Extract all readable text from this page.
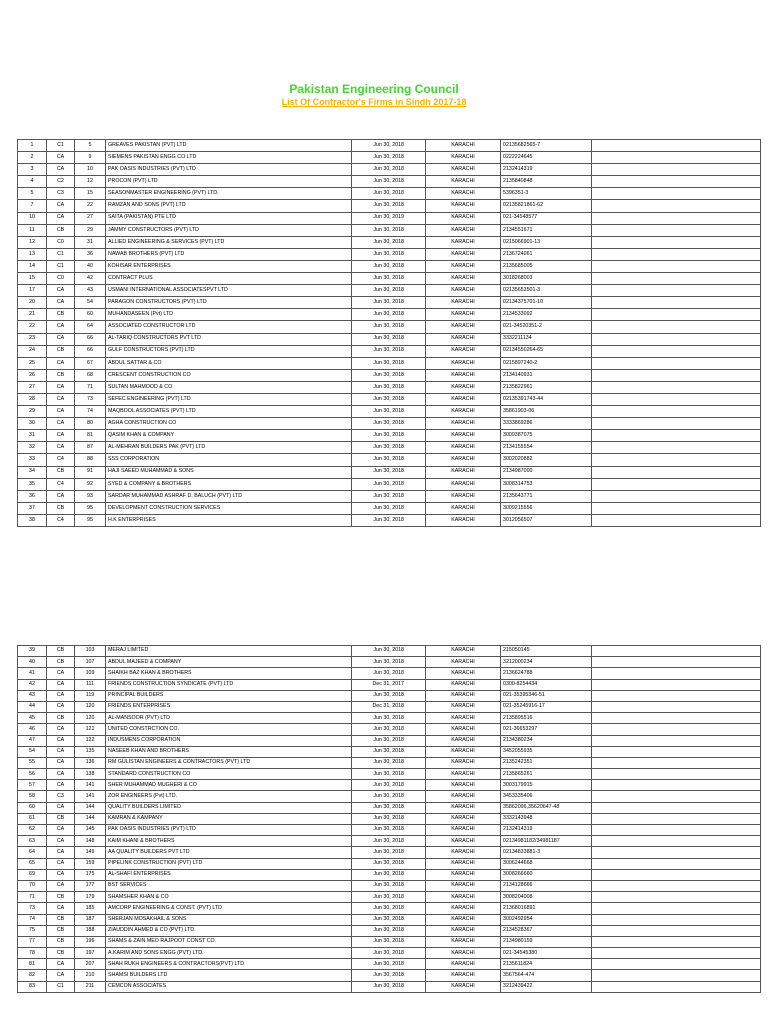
Pakistan Engineering Council
List Of Contractor's Firms in Sindh 2017-18
1	C1	5	GREAVES PAKISTAN (PVT) LTD	Jun 30, 2018	KARACHI	02135682565-7	
2	CA	9	SIEMENS PAKISTAN ENGG CO LTD	Jun 30, 2018	KARACHI	0222224645	
3	CA	10	PAK OASIS INDUSTRIES (PVT) LTD	Jun 30, 2018	KARACHI	2132414319	
4	C2	12	PROCON (PVT) LTD	Jun 30, 2018	KARACHI	2135840848	
5	C3	15	SEASONMASTER ENGINEERING (PVT) LTD.	Jun 30, 2018	KARACHI	5396351-3	
7	CA	22	RAMZAN AND SONS (PVT) LTD	Jun 30, 2018	KARACHI	02135821861-62	
10	CA	27	SAITA (PAKISTAN) PTE LTD	Jun 30, 2019	KARACHI	021-34548577	
11	CB	29	JAMMY CONSTRUCTORS (PVT) LTD	Jun 30, 2018	KARACHI	2134551671	
12	C0	31	ALLIED ENGINEERING & SERVICES (PVT) LTD	Jun 30, 2018	KARACHI	0215066901-13	
13	C1	36	NAWAB BROTHERS (PVT) LTD	Jun 30, 2018	KARACHI	2136724061	
14	C1	40	KOHISAR ENTERPRISES	Jun 30, 2018	KARACHI	2135685005	
15	C0	42	CONTRACT PLUS	Jun 30, 2018	KARACHI	3018268003	
17	CA	43	USMANI INTERNATIONAL ASSOCIATESPVT LTD	Jun 30, 2018	KARACHI	02135653501-3	
20	CA	54	PARAGON CONSTRUCTORS (PVT) LTD	Jun 30, 2018	KARACHI	02134375701-10	
21	CB	60	MUHANDASEEN (Pvt) LTD	Jun 30, 2018	KARACHI	2134533092	
22	CA	64	ASSOCIATED CONSTRUCTOR LTD	Jun 30, 2018	KARACHI	021-34520351-2	
23	CA	66	AL-TARIQ CONSTRUCTORS PVT LTD	Jun 30, 2018	KARACHI	3332211134	
24	CB	66	GULF CONSTRUCTORS (PVT) LTD	Jun 30, 2018	KARACHI	02134550264-65	
25	CA	67	ABDUL SATTAR & CO	Jun 30, 2018	KARACHI	0215897240-2	
26	CB	68	CRESCENT CONSTRUCTION CO	Jun 30, 2018	KARACHI	2134140931	
27	CA	71	SULTAN MAHMOOD & CO	Jun 30, 2018	KARACHI	2135822961	
28	CA	73	SEFEC ENGINEERING (PVT) LTD	Jun 30, 2018	KARACHI	02135391743-44	
29	CA	74	MAQBOOL ASSOCIATES (PVT) LTD	Jun 30, 2018	KARACHI	35861903-06	
30	CA	80	AGHA CONSTRUCTION CO	Jun 30, 2018	KARACHI	3333869286	
31	CA	81	QASIM KHAN & COMPANY	Jun 30, 2018	KARACHI	3009387075	
32	CA	87	AL-MEHRAN BUILDERS PAK (PVT) LTD	Jun 30, 2018	KARACHI	2134155554	
33	C4	88	SSS CORPORATION	Jun 30, 2018	KARACHI	3002020882	
34	CB	91	HAJI SAEED MUHAMMAD & SONS	Jun 30, 2018	KARACHI	2134987000	
35	C4	92	SYED & COMPANY & BROTHERS	Jun 30, 2018	KARACHI	3008314753	
36	CA	93	SARDAR MUHAMMAD ASHRAF D. BALUCH (PVT) LTD	Jun 30, 2018	KARACHI	2135643771	
37	CB	95	DEVELOPMENT CONSTRUCTION SERVICES	Jun 30, 2018	KARACHI	3009215556	
38	C4	95	H.K ENTERPRISES	Jun 30, 2018	KARACHI	3012056507	
39	CB	103	MERAJ LIMITED	Jun 30, 2018	KARACHI	215050145	
40	CB	107	ABDUL MAJEED & COMPANY	Jun 30, 2018	KARACHI	3212000234	
41	CA	109	SHAIKH BAZ KHAN & BROTHERS	Jun 30, 2018	KARACHI	2136624788	
42	CA	111	FRIENDS CONSTRUCTION SYNDICATE (PVT) LTD	Dec 31, 2017	KARACHI	0300-8254434	
43	CA	119	PRINCIPAL BUILDERS	Jun 30, 2018	KARACHI	021-35395346-51	
44	CA	120	FRIENDS ENTERPRISES	Dec 31, 2018	KARACHI	021-35245916-17	
45	CB	120	AL-MANSOOR (PVT) LTD	Jun 30, 2018	KARACHI	2135895516	
46	CA	121	UNITED CONSTRCTION CO.	Jun 30, 2018	KARACHI	021-36653297	
47	CA	122	INDUSMENS CORPORATION	Jun 30, 2018	KARACHI	2134380234	
54	CA	135	NASEEB KHAN AND BROTHERS	Jun 30, 2018	KARACHI	3452055935	
55	CA	136	RM GULISTAN ENGINEERS & CONTRACTORS (PVT) LTD	Jun 30, 2018	KARACHI	2135242351	
56	CA	138	STANDARD CONSTRUCTION CO	Jun 30, 2018	KARACHI	2135865261	
57	CA	141	SHER MUHAMMAD MUGHERI & CO	Jun 30, 2018	KARACHI	3003179915	
58	C3	141	ZOR ENGINEERS (Pvt) LTD.	Jun 30, 2018	KARACHI	3453335406	
60	CA	144	QUALITY BUILDERS LIMITED	Jun 30, 2018	KARACHI	35862096,35620647-48	
61	CB	144	KAMRAN & KAMPANY	Jun 30, 2018	KARACHI	3332143948	
62	CA	145	PAK OASIS INDUSTRIES (PVT) LTD	Jun 30, 2018	KARACHI	2132414319	
63	CA	148	KAIM KHANI & BROTHERS	Jun 30, 2018	KARACHI	02134981182/34981187	
64	CA	149	AA QUALITY BUILDERS PVT LTD	Jun 30, 2018	KARACHI	02134833881-3	
65	CA	159	PIPELINK CONSTRUCTION (PVT) LTD	Jun 30, 2018	KARACHI	3006244668	
69	CA	175	AL-SHAFI ENTERPRISES	Jun 30, 2018	KARACHI	3008266660	
70	CA	177	BST SERVICES	Jun 30, 2018	KARACHI	2134128666	
71	CB	179	SHAMSHER KHAN & CO	Jun 30, 2018	KARACHI	3008204008	
73	CA	185	AMCORP ENGINEERING & CONST. (PVT) LTD	Jun 30, 2018	KARACHI	21368016891	
74	CB	187	SHERJAN MOSAKHAIL & SONS	Jun 30, 2018	KARACHI	3002492954	
75	CB	188	ZIAUDDIN AHMED & CO (PVT) LTD.	Jun 30, 2018	KARACHI	2134528367	
77	CB	196	SHAMS & ZAIN MEO RAJPOOT CONST CO.	Jun 30, 2018	KARACHI	2134980159	
78	CB	197	A.KARIM AND SONS ENGG (PVT) LTD.	Jun 30, 2018	KARACHI	021-34545380	
81	CA	207	SHAH RUKH ENGINEERS & CONTRACTORS(PVT) LTD	Jun 30, 2018	KARACHI	2135611824	
82	CA	210	SHAMSI BUILDERS LTD	Jun 30, 2018	KARACHI	3567564-474	
83	C1	211	CEMCON ASSOCIATES	Jun 30, 2018	KARACHI	3212439422	
